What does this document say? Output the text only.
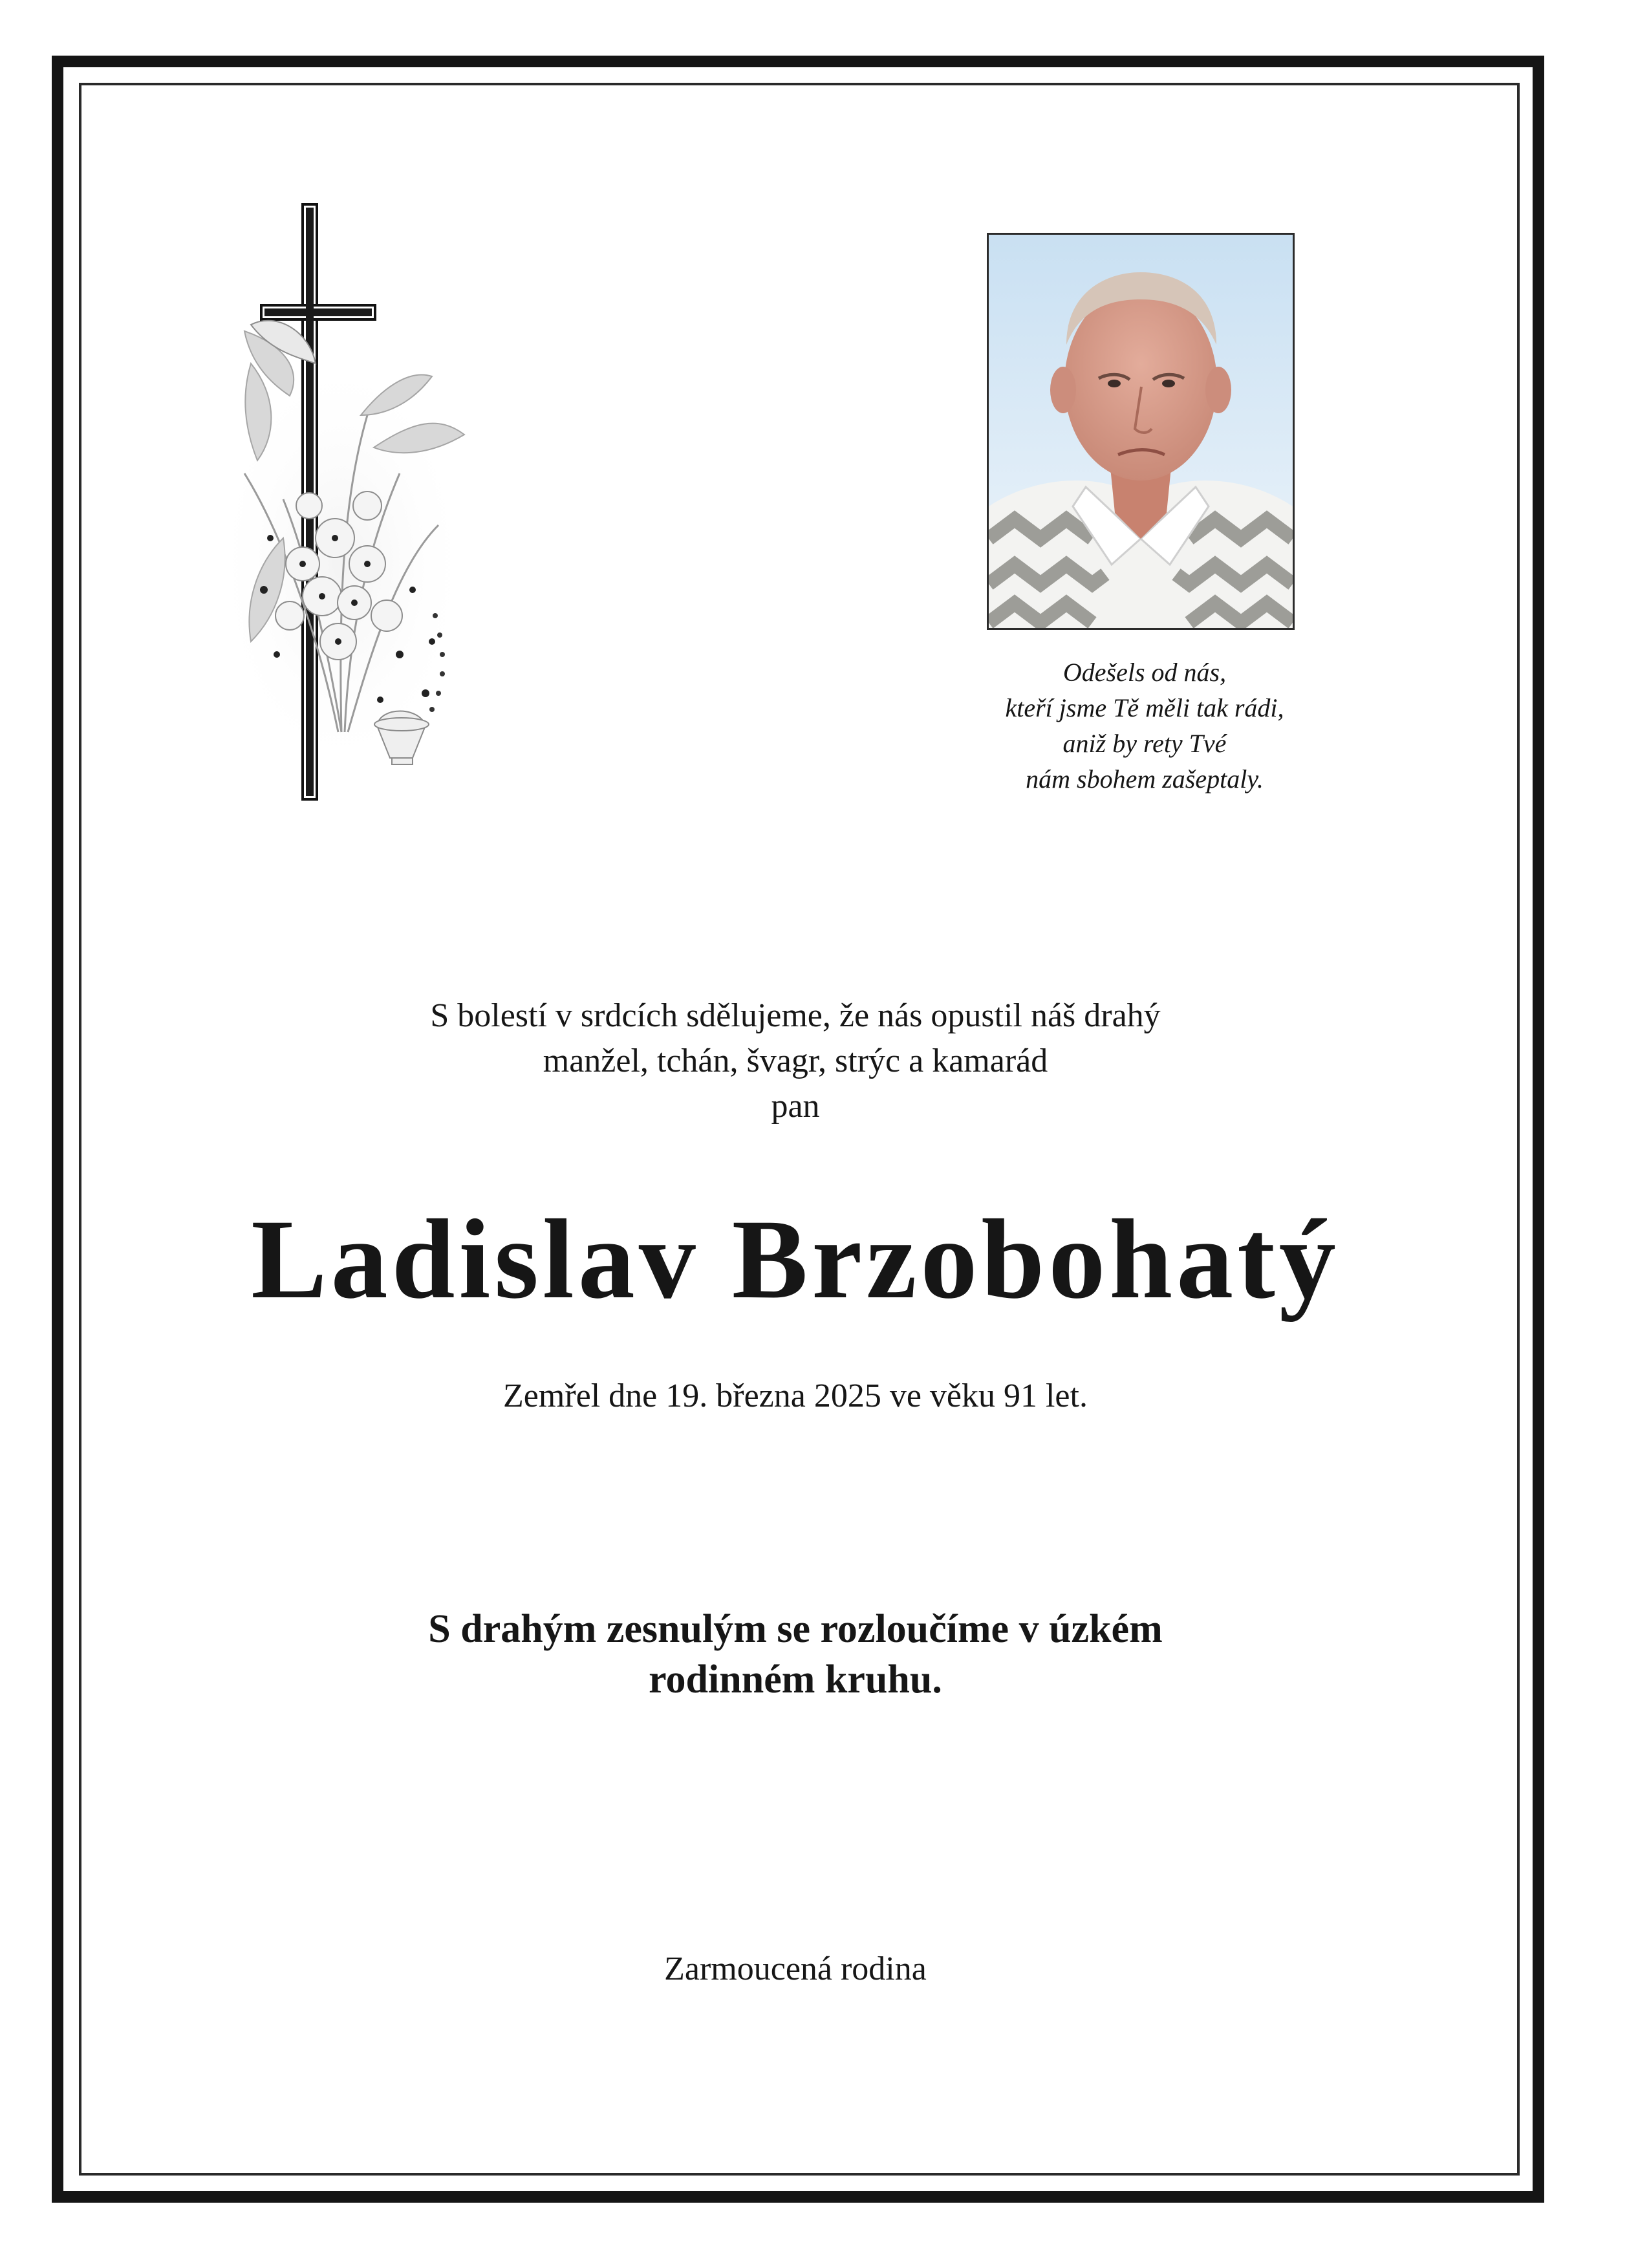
Odešels od nás,
kteří jsme Tě měli tak rádi,
aniž by rety Tvé
nám sbohem zašeptaly.
S bolestí v srdcích sdělujeme, že nás opustil náš drahý
manžel, tchán, švagr, strýc a kamarád
pan
Ladislav Brzobohatý
Zemřel dne 19. března 2025 ve věku 91 let.
S drahým zesnulým se rozloučíme v úzkém
rodinném kruhu.
Zarmoucená rodina
